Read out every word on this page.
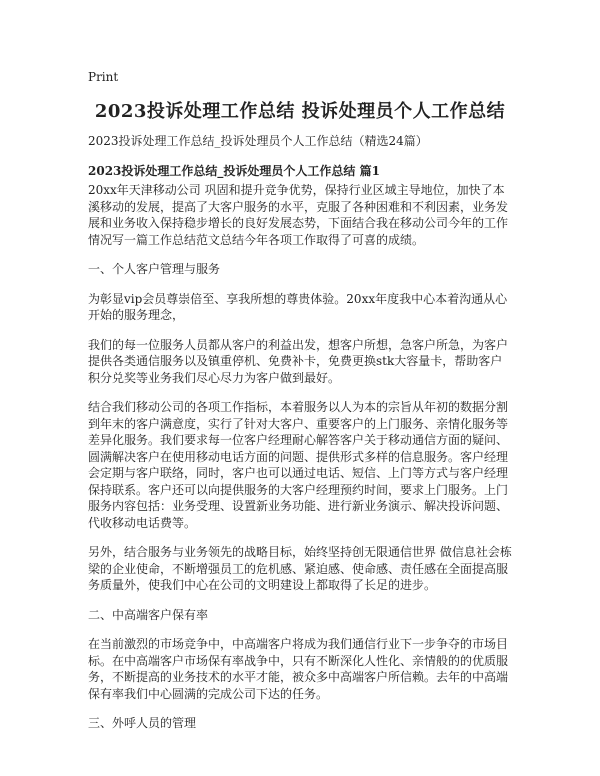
Print
2023投诉处理工作总结 投诉处理员个人工作总结
2023投诉处理工作总结_投诉处理员个人工作总结（精选24篇）
2023投诉处理工作总结_投诉处理员个人工作总结 篇1

20xx年天津移动公司 巩固和提升竞争优势，保持行业区域主导地位，加快了本溪移动的发展，提高了大客户服务的水平，克服了各种困难和不利因素，业务发展和业务收入保持稳步增长的良好发展态势，下面结合我在移动公司今年的工作情况写一篇工作总结范文总结今年各项工作取得了可喜的成绩。

一、个人客户管理与服务

为彰显vip会员尊崇倍至、享我所想的尊贵体验。20xx年度我中心本着沟通从心开始的服务理念，

我们的每一位服务人员都从客户的利益出发，想客户所想，急客户所急，为客户提供各类通信服务以及镇重停机、免费补卡，免费更换stk大容量卡，帮助客户积分兑奖等业务我们尽心尽力为客户做到最好。

结合我们移动公司的各项工作指标，本着服务以人为本的宗旨从年初的数据分割到年末的客户满意度，实行了针对大客户、重要客户的上门服务、亲情化服务等差异化服务。我们要求每一位客户经理耐心解答客户关于移动通信方面的疑问、圆满解决客户在使用移动电话方面的问题、提供形式多样的信息服务。客户经理会定期与客户联络，同时，客户也可以通过电话、短信、上门等方式与客户经理保持联系。客户还可以向提供服务的大客户经理预约时间，要求上门服务。上门服务内容包括：业务受理、设置新业务功能、进行新业务演示、解决投诉问题、代收移动电话费等。

另外，结合服务与业务领先的战略目标，始终坚持创无限通信世界 做信息社会栋梁的企业使命，不断增强员工的危机感、紧迫感、使命感、责任感在全面提高服务质量外，使我们中心在公司的文明建设上都取得了长足的进步。

二、中高端客户保有率

在当前激烈的市场竞争中，中高端客户将成为我们通信行业下一步争夺的市场目标。在中高端客户市场保有率战争中，只有不断深化人性化、亲情般的的优质服务，不断提高的业务技术的水平才能，被众多中高端客户所信赖。去年的中高端保有率我们中心圆满的完成公司下达的任务。

三、外呼人员的管理
